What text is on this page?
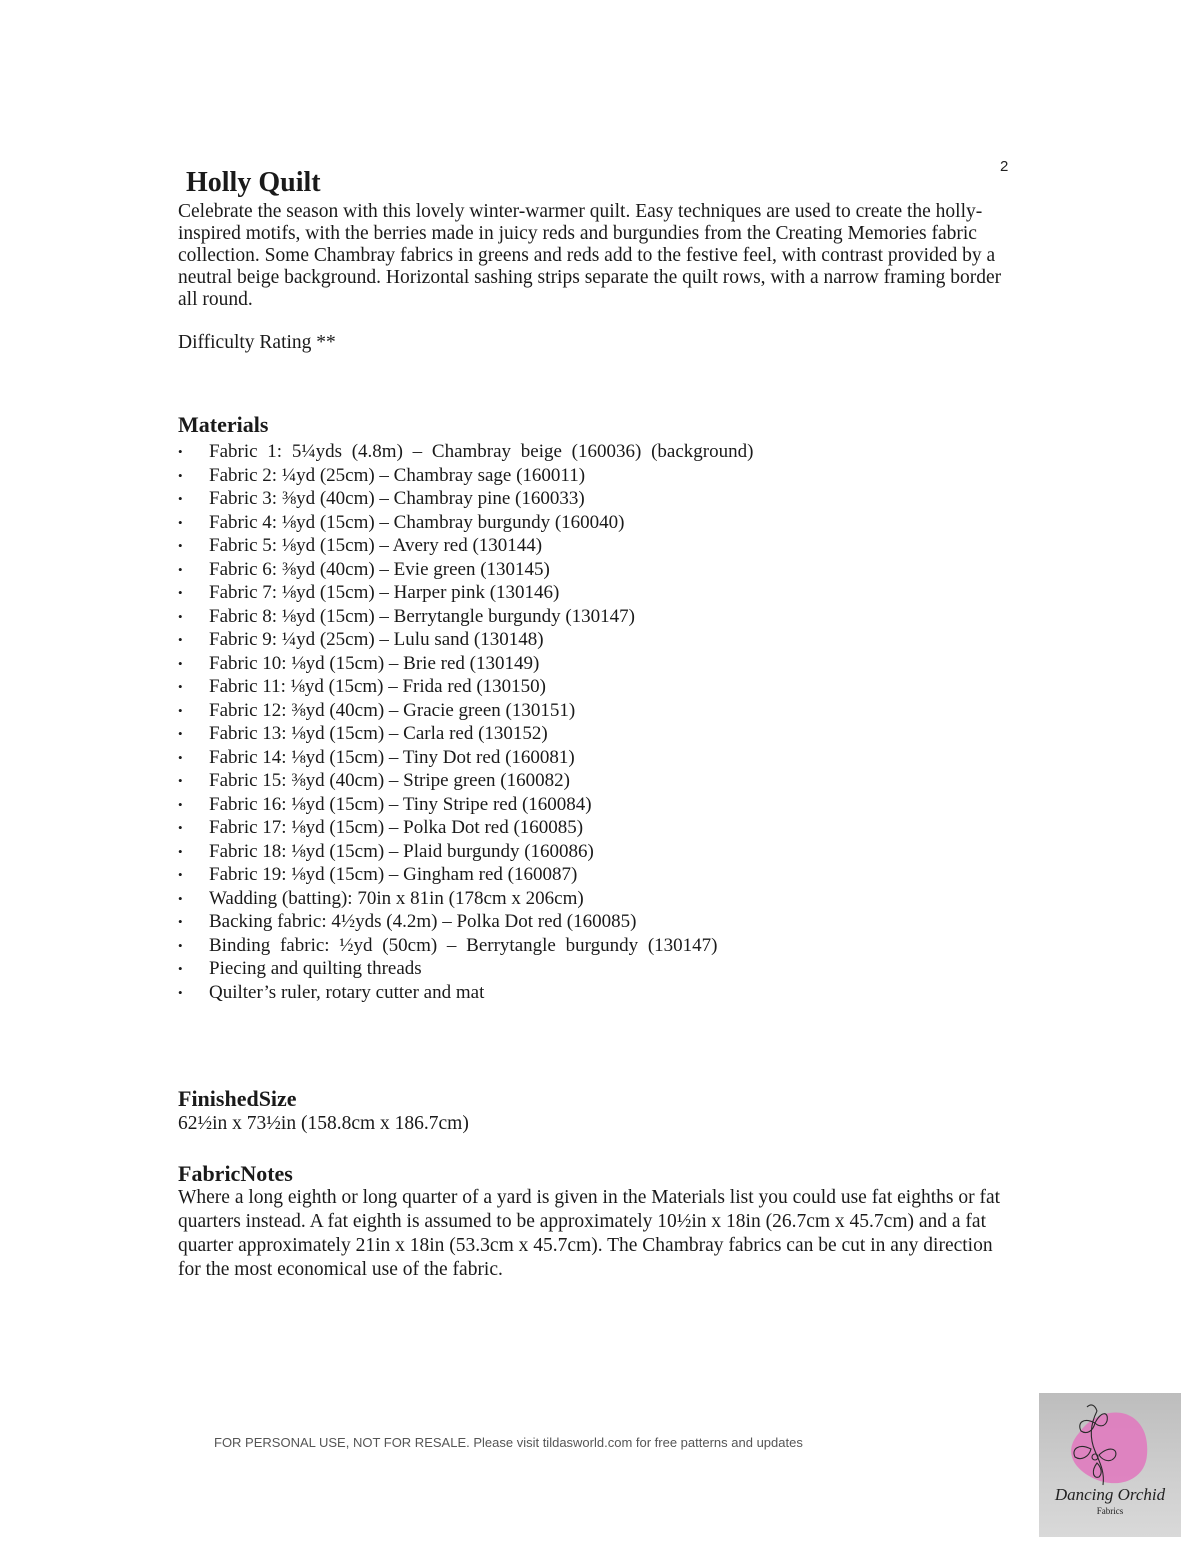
2
Holly Quilt

Celebrate the season with this lovely winter-warmer quilt. Easy techniques are used to create the holly-inspired motifs, with the berries made in juicy reds and burgundies from the Creating Memories fabric collection. Some Chambray fabrics in greens and reds add to the festive feel, with contrast provided by a neutral beige background. Horizontal sashing strips separate the quilt rows, with a narrow framing border all round.

Difficulty Rating **

Materials
• Fabric 1: 5¼yds (4.8m) – Chambray beige (160036) (background)
• Fabric 2: ¼yd (25cm) – Chambray sage (160011)
• Fabric 3: ⅜yd (40cm) – Chambray pine (160033)
• Fabric 4: ⅛yd (15cm) – Chambray burgundy (160040)
• Fabric 5: ⅛yd (15cm) – Avery red (130144)
• Fabric 6: ⅜yd (40cm) – Evie green (130145)
• Fabric 7: ⅛yd (15cm) – Harper pink (130146)
• Fabric 8: ⅛yd (15cm) – Berrytangle burgundy (130147)
• Fabric 9: ¼yd (25cm) – Lulu sand (130148)
• Fabric 10: ⅛yd (15cm) – Brie red (130149)
• Fabric 11: ⅛yd (15cm) – Frida red (130150)
• Fabric 12: ⅜yd (40cm) – Gracie green (130151)
• Fabric 13: ⅛yd (15cm) – Carla red (130152)
• Fabric 14: ⅛yd (15cm) – Tiny Dot red (160081)
• Fabric 15: ⅜yd (40cm) – Stripe green (160082)
• Fabric 16: ⅛yd (15cm) – Tiny Stripe red (160084)
• Fabric 17: ⅛yd (15cm) – Polka Dot red (160085)
• Fabric 18: ⅛yd (15cm) – Plaid burgundy (160086)
• Fabric 19: ⅛yd (15cm) – Gingham red (160087)
• Wadding (batting): 70in x 81in (178cm x 206cm)
• Backing fabric: 4½yds (4.2m) – Polka Dot red (160085)
• Binding fabric: ½yd (50cm) – Berrytangle burgundy (130147)
• Piecing and quilting threads
• Quilter’s ruler, rotary cutter and mat
FinishedSize

62½in x 73½in (158.8cm x 186.7cm)

FabricNotes

Where a long eighth or long quarter of a yard is given in the Materials list you could use fat eighths or fat quarters instead. A fat eighth is assumed to be approximately 10½in x 18in (26.7cm x 45.7cm) and a fat quarter approximately 21in x 18in (53.3cm x 45.7cm). The Chambray fabrics can be cut in any direction for the most economical use of the fabric.

FOR PERSONAL USE, NOT FOR RESALE. Please visit tildasworld.com for free patterns and updates
Dancing Orchid
Fabrics
